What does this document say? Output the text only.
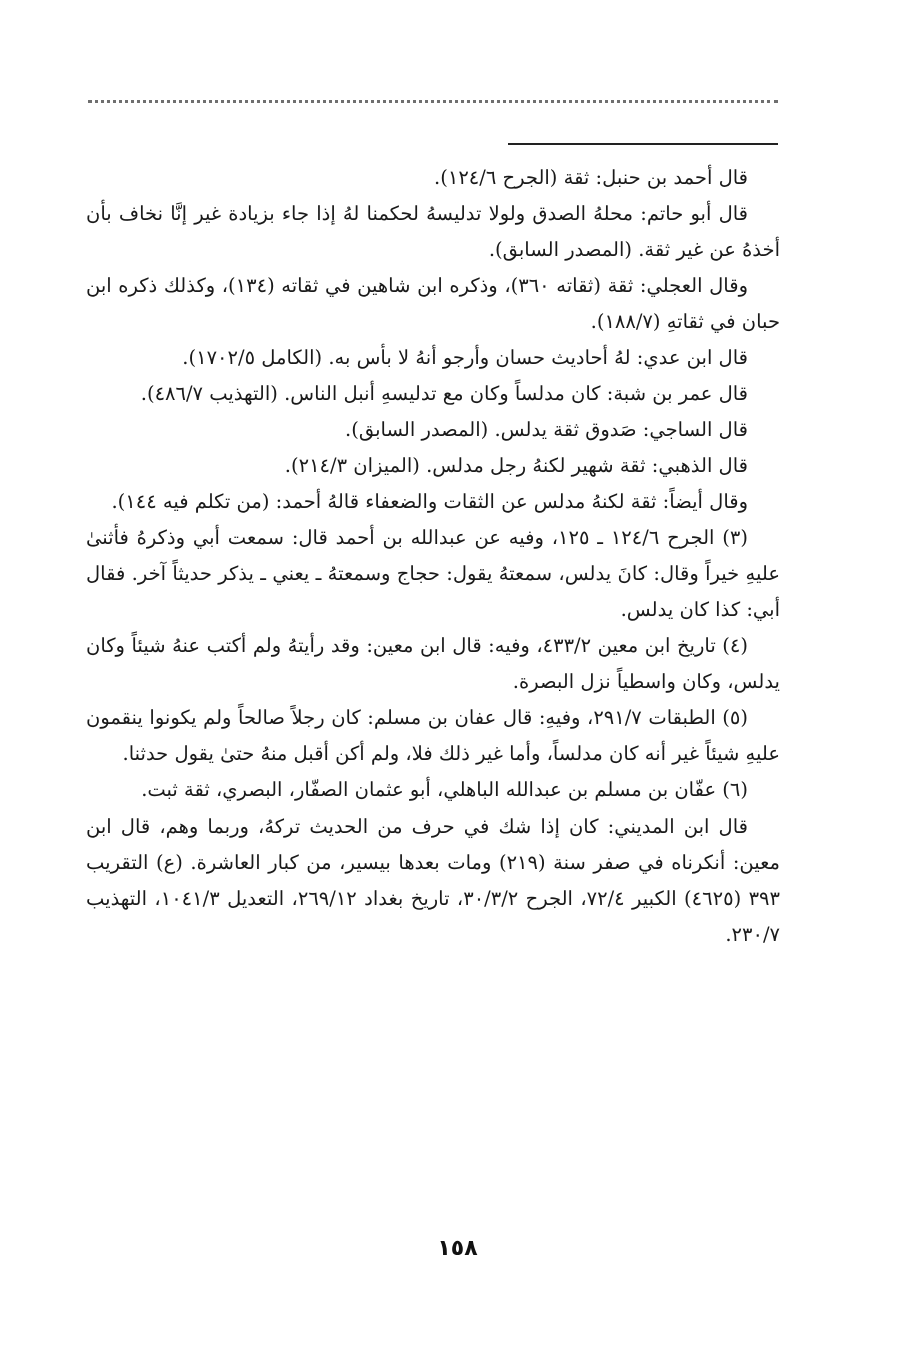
قال أحمد بن حنبل: ثقة (الجرح ١٢٤/٦).

قال أبو حاتم: محلهُ الصدق ولولا تدليسهُ لحكمنا لهُ إذا جاء بزيادة غير إنَّا نخاف بأن أخذهُ عن غير ثقة. (المصدر السابق).

وقال العجلي: ثقة (ثقاته ٣٦٠)، وذكره ابن شاهين في ثقاته (١٣٤)، وكذلك ذكره ابن حبان في ثقاتهِ (١٨٨/٧).

قال ابن عدي: لهُ أحاديث حسان وأرجو أنهُ لا بأس به. (الكامل ١٧٠٢/٥).

قال عمر بن شبة: كان مدلساً وكان مع تدليسهِ أنبل الناس. (التهذيب ٤٨٦/٧).

قال الساجي: صَدوق ثقة يدلس. (المصدر السابق).

قال الذهبي: ثقة شهير لكنهُ رجل مدلس. (الميزان ٢١٤/٣).

وقال أيضاً: ثقة لكنهُ مدلس عن الثقات والضعفاء قالهُ أحمد: (من تكلم فيه ١٤٤).

(٣) الجرح ١٢٤/٦ ـ ١٢٥، وفيه عن عبدالله بن أحمد قال: سمعت أبي وذكرهُ فأثنىٰ عليهِ خيراً وقال: كانَ يدلس، سمعتهُ يقول: حجاج وسمعتهُ ـ يعني ـ يذكر حديثاً آخر. فقال أبي: كذا كان يدلس.

(٤) تاريخ ابن معين ٤٣٣/٢، وفيه: قال ابن معين: وقد رأيتهُ ولم أكتب عنهُ شيئاً وكان يدلس، وكان واسطياً نزل البصرة.

(٥) الطبقات ٢٩١/٧، وفيهِ: قال عفان بن مسلم: كان رجلاً صالحاً ولم يكونوا ينقمون عليهِ شيئاً غير أنه كان مدلساً، وأما غير ذلك فلا، ولم أكن أقبل منهُ حتىٰ يقول حدثنا.

(٦) عفّان بن مسلم بن عبدالله الباهلي، أبو عثمان الصفّار، البصري، ثقة ثبت.

قال ابن المديني: كان إذا شك في حرف من الحديث تركهُ، وربما وهم، قال ابن معين: أنكرناه في صفر سنة (٢١٩) ومات بعدها بيسير، من كبار العاشرة. (ع) التقريب ٣٩٣ (٤٦٢٥) الكبير ٧٢/٤، الجرح ٣٠/٣/٢، تاريخ بغداد ٢٦٩/١٢، التعديل ١٠٤١/٣، التهذيب ٢٣٠/٧.

١٥٨
